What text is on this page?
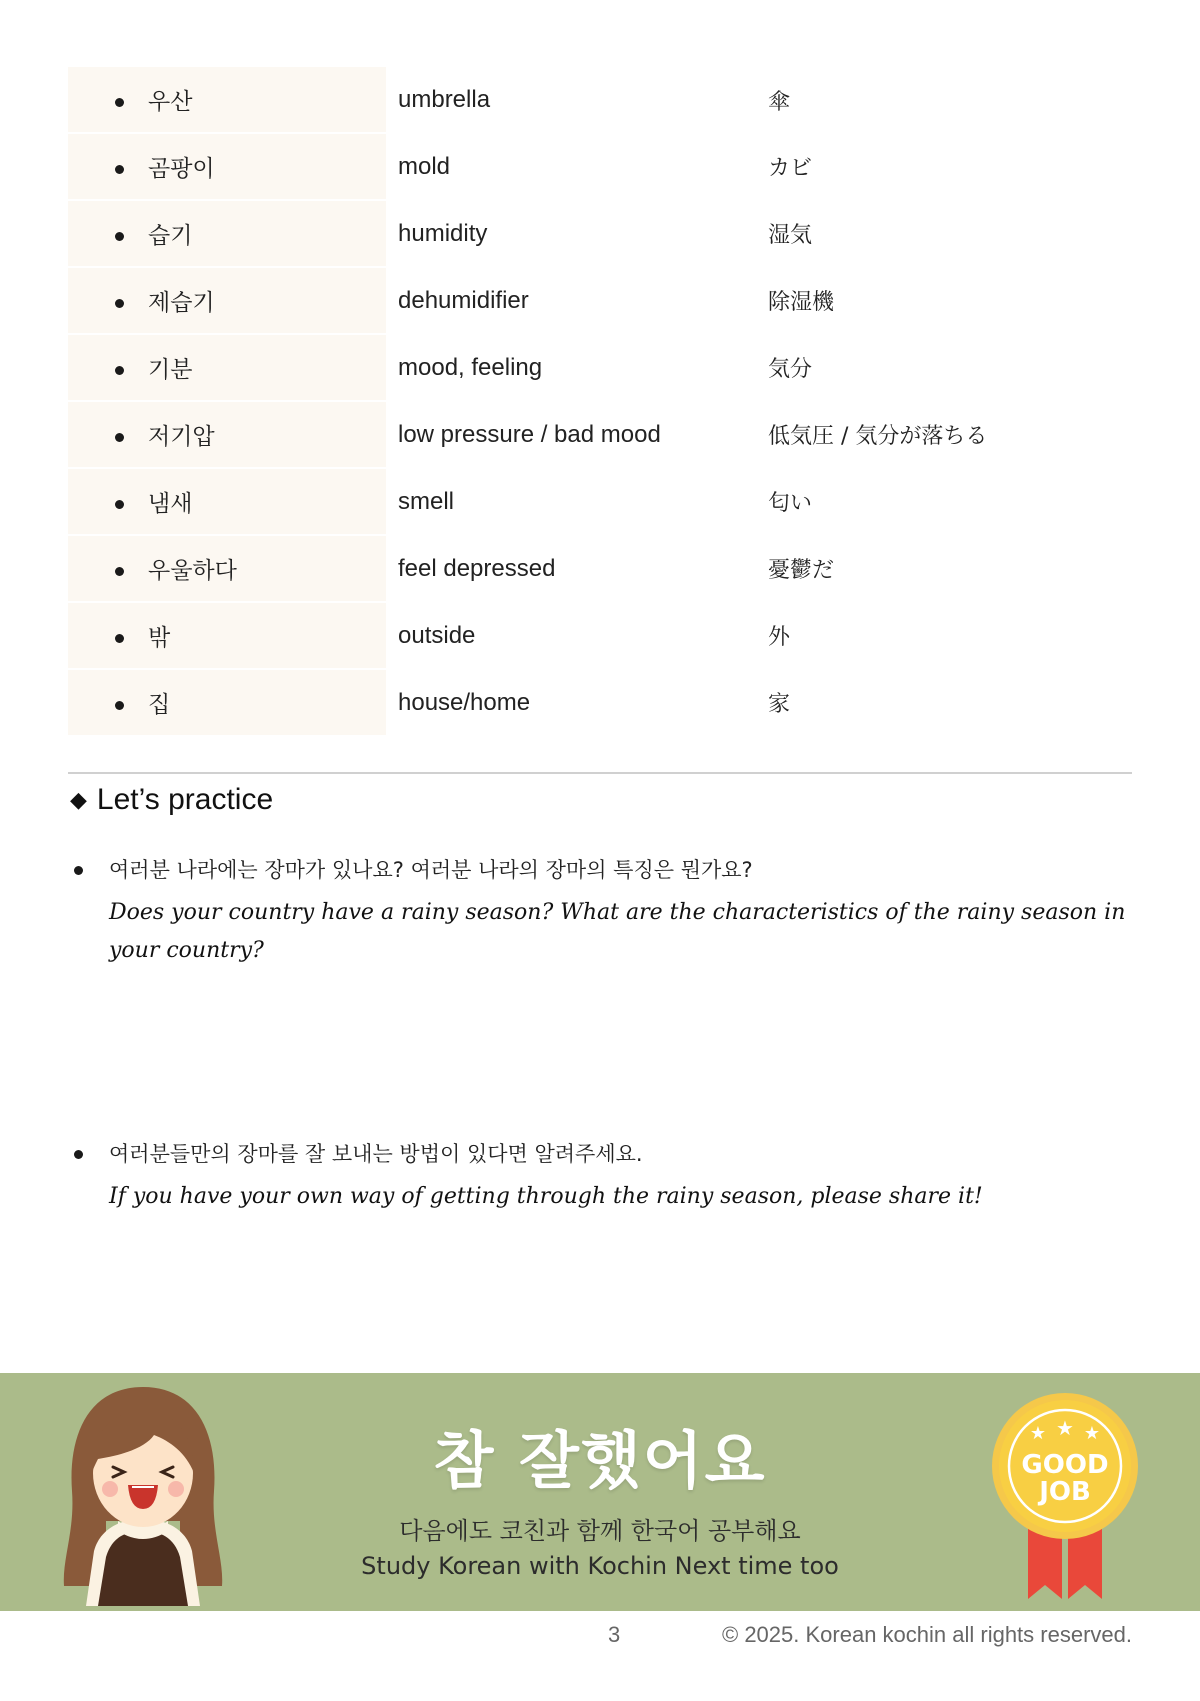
우산	umbrella	傘
곰팡이	mold	カビ
습기	humidity	湿気
제습기	dehumidifier	除湿機
기분	mood, feeling	気分
저기압	low pressure / bad mood	低気圧 / 気分が落ちる
냄새	smell	匂い
우울하다	feel depressed	憂鬱だ
밖	outside	外
집	house/home	家
◆ Let’s practice
여러분 나라에는 장마가 있나요? 여러분 나라의 장마의 특징은 뭔가요?
Does your country have a rainy season? What are the characteristics of the rainy season in your country?
여러분들만의 장마를 잘 보내는 방법이 있다면 알려주세요.
If you have your own way of getting through the rainy season, please share it!
참 잘했어요
다음에도 코친과 함께 한국어 공부해요
Study Korean with Kochin Next time too
★ ★ ★
GOOD
JOB
3	© 2025. Korean kochin all rights reserved.
